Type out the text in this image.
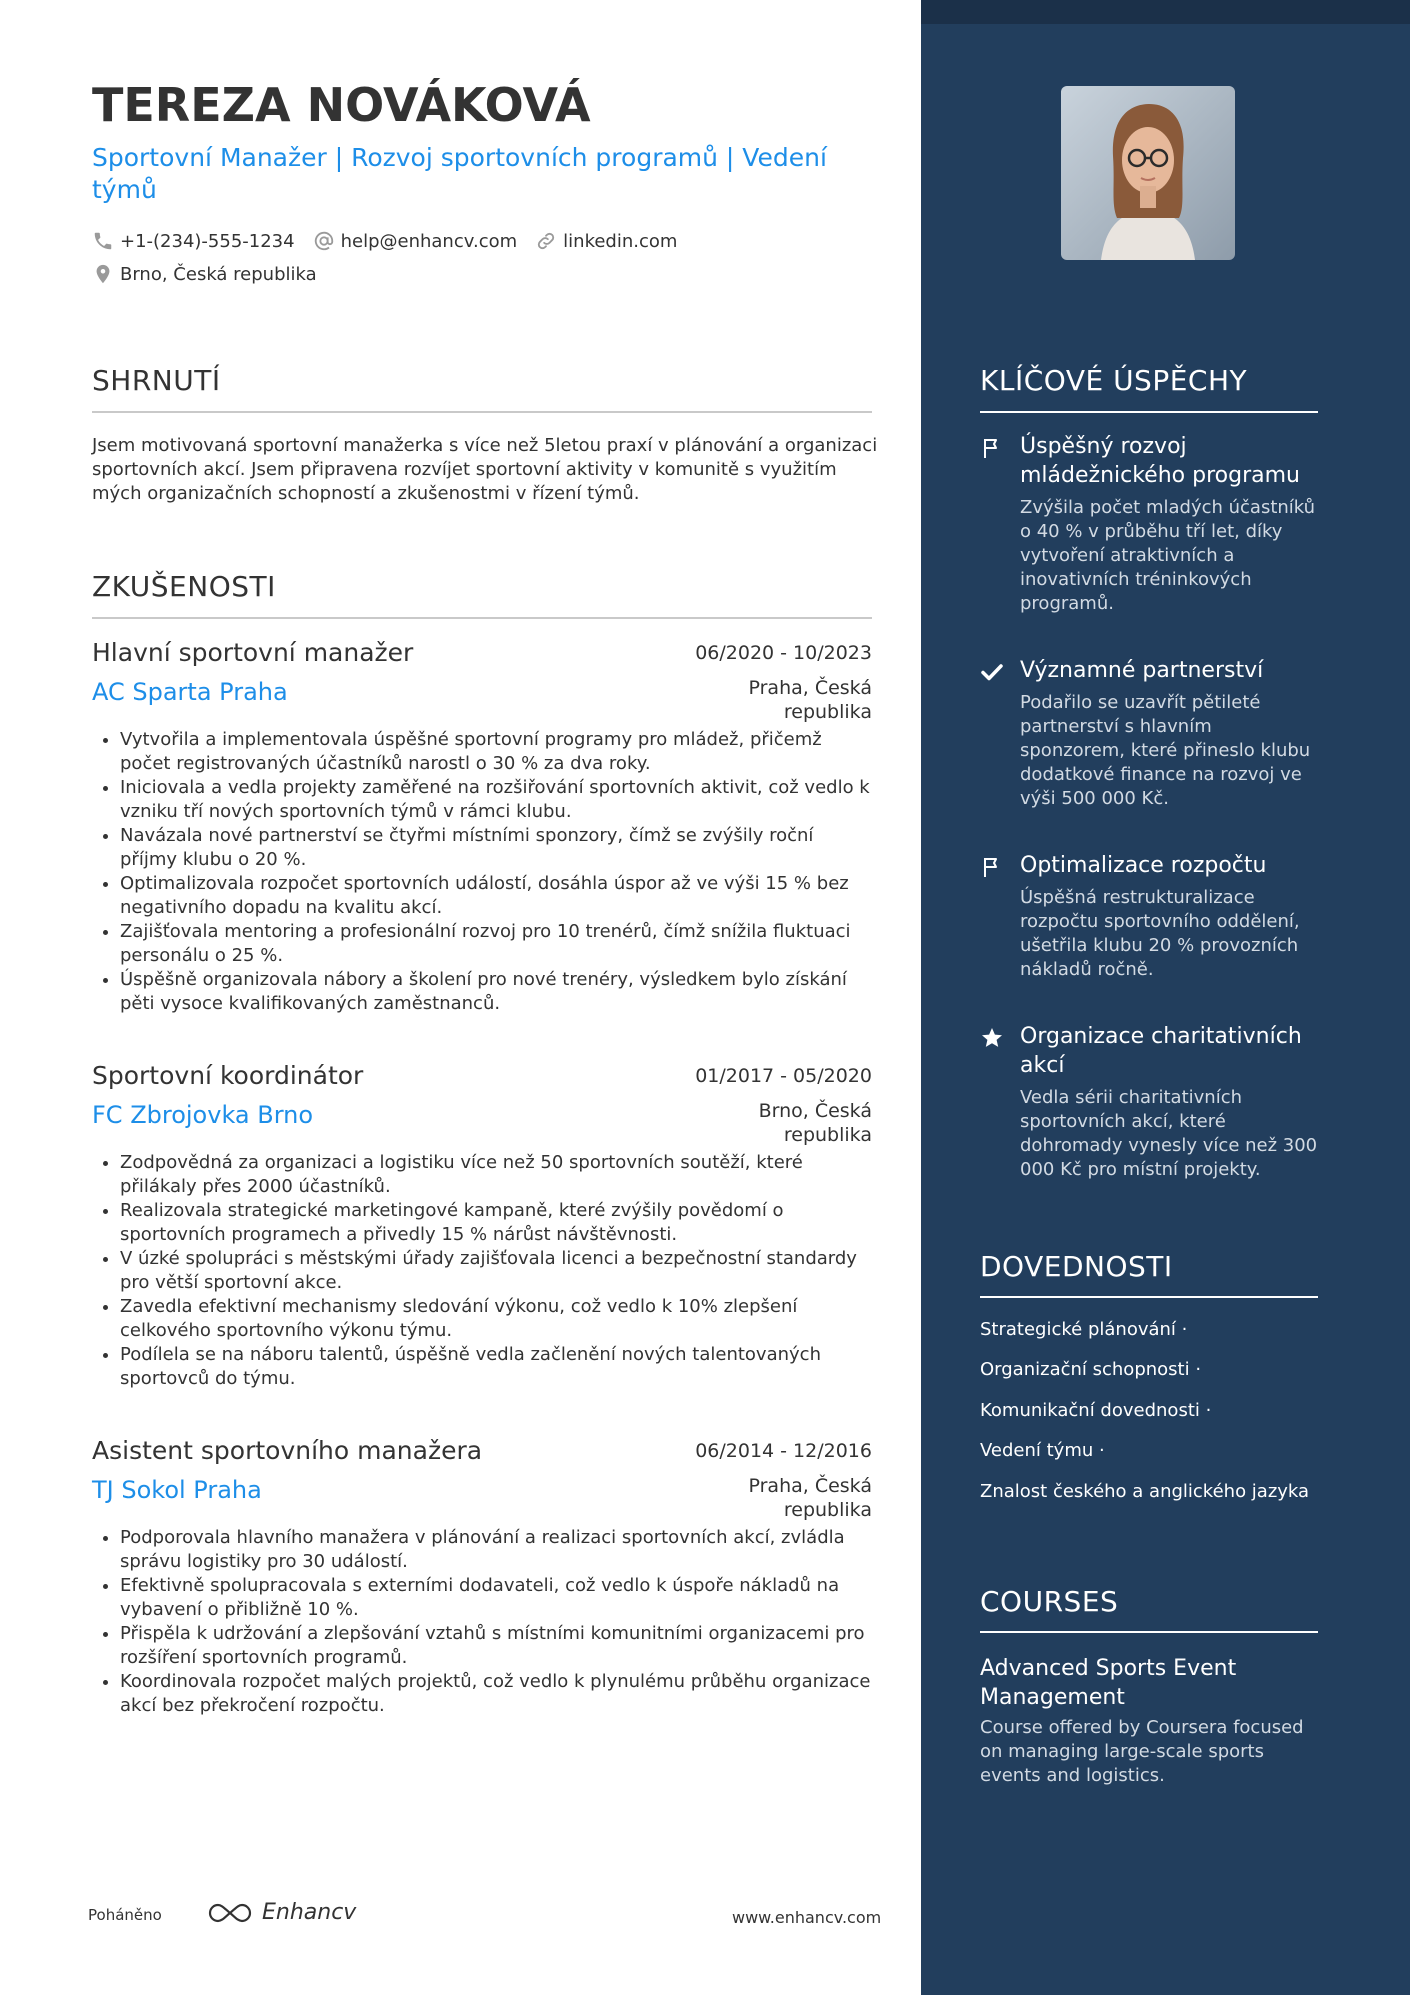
TEREZA NOVÁKOVÁ
Sportovní Manažer | Rozvoj sportovních programů | Vedení týmů
+1-(234)-555-1234	help@enhancv.com	linkedin.com
Brno, Česká republika
SHRNUTÍ
Jsem motivovaná sportovní manažerka s více než 5letou praxí v plánování a organizaci sportovních akcí. Jsem připravena rozvíjet sportovní aktivity v komunitě s využitím mých organizačních schopností a zkušenostmi v řízení týmů.
ZKUŠENOSTI
Hlavní sportovní manažer	06/2020 - 10/2023
AC Sparta Praha	Praha, Česká republika
• Vytvořila a implementovala úspěšné sportovní programy pro mládež, přičemž počet registrovaných účastníků narostl o 30 % za dva roky.
• Iniciovala a vedla projekty zaměřené na rozšiřování sportovních aktivit, což vedlo k vzniku tří nových sportovních týmů v rámci klubu.
• Navázala nové partnerství se čtyřmi místními sponzory, čímž se zvýšily roční příjmy klubu o 20 %.
• Optimalizovala rozpočet sportovních událostí, dosáhla úspor až ve výši 15 % bez negativního dopadu na kvalitu akcí.
• Zajišťovala mentoring a profesionální rozvoj pro 10 trenérů, čímž snížila fluktuaci personálu o 25 %.
• Úspěšně organizovala nábory a školení pro nové trenéry, výsledkem bylo získání pěti vysoce kvalifikovaných zaměstnanců.
Sportovní koordinátor	01/2017 - 05/2020
FC Zbrojovka Brno	Brno, Česká republika
• Zodpovědná za organizaci a logistiku více než 50 sportovních soutěží, které přilákaly přes 2000 účastníků.
• Realizovala strategické marketingové kampaně, které zvýšily povědomí o sportovních programech a přivedly 15 % nárůst návštěvnosti.
• V úzké spolupráci s městskými úřady zajišťovala licenci a bezpečnostní standardy pro větší sportovní akce.
• Zavedla efektivní mechanismy sledování výkonu, což vedlo k 10% zlepšení celkového sportovního výkonu týmu.
• Podílela se na náboru talentů, úspěšně vedla začlenění nových talentovaných sportovců do týmu.
Asistent sportovního manažera	06/2014 - 12/2016
TJ Sokol Praha	Praha, Česká republika
• Podporovala hlavního manažera v plánování a realizaci sportovních akcí, zvládla správu logistiky pro 30 událostí.
• Efektivně spolupracovala s externími dodavateli, což vedlo k úspoře nákladů na vybavení o přibližně 10 %.
• Přispěla k udržování a zlepšování vztahů s místními komunitními organizacemi pro rozšíření sportovních programů.
• Koordinovala rozpočet malých projektů, což vedlo k plynulému průběhu organizace akcí bez překročení rozpočtu.
KLÍČOVÉ ÚSPĚCHY
Úspěšný rozvoj mládežnického programu
Zvýšila počet mladých účastníků o 40 % v průběhu tří let, díky vytvoření atraktivních a inovativních tréninkových programů.
Významné partnerství
Podařilo se uzavřít pětileté partnerství s hlavním sponzorem, které přineslo klubu dodatkové finance na rozvoj ve výši 500 000 Kč.
Optimalizace rozpočtu
Úspěšná restrukturalizace rozpočtu sportovního oddělení, ušetřila klubu 20 % provozních nákladů ročně.
Organizace charitativních akcí
Vedla sérii charitativních sportovních akcí, které dohromady vynesly více než 300 000 Kč pro místní projekty.
DOVEDNOSTI
Strategické plánování ·
Organizační schopnosti ·
Komunikační dovednosti ·
Vedení týmu ·
Znalost českého a anglického jazyka
COURSES
Advanced Sports Event Management
Course offered by Coursera focused on managing large-scale sports events and logistics.
Poháněno	Enhancv	www.enhancv.com
